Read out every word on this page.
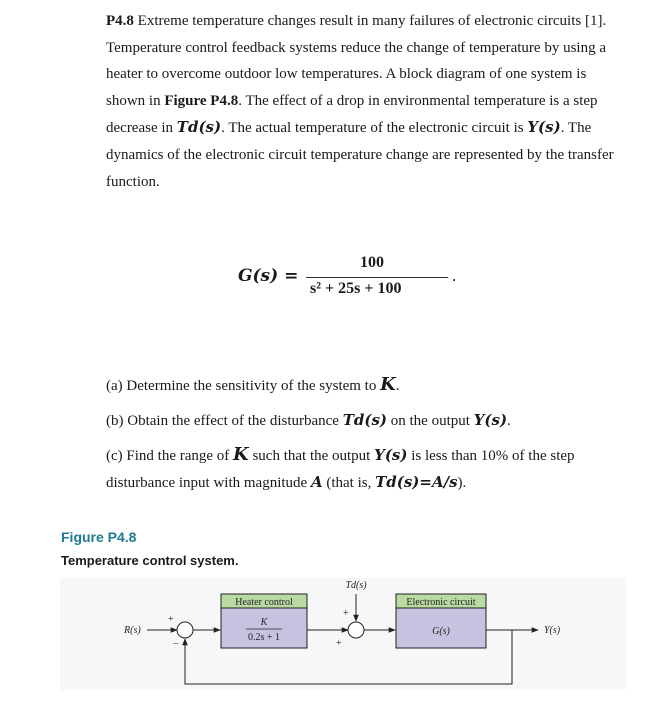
P4.8 Extreme temperature changes result in many failures of electronic circuits [1]. Temperature control feedback systems reduce the change of temperature by using a heater to overcome outdoor low temperatures. A block diagram of one system is shown in Figure P4.8. The effect of a drop in environmental temperature is a step decrease in Td(s). The actual temperature of the electronic circuit is Y(s). The dynamics of the electronic circuit temperature change are represented by the transfer function.
G(s) =
100
s² + 25s + 100
.
(a) Determine the sensitivity of the system to K.
(b) Obtain the effect of the disturbance Td(s) on the output Y(s).
(c) Find the range of K such that the output Y(s) is less than 10% of the step disturbance input with magnitude A (that is, Td(s)=A/s).
Figure P4.8
Temperature control system.
R(s)
+
−
Heater control
K
0.2s + 1
Td(s)
+
+
Electronic circuit
G(s)	Y(s)
